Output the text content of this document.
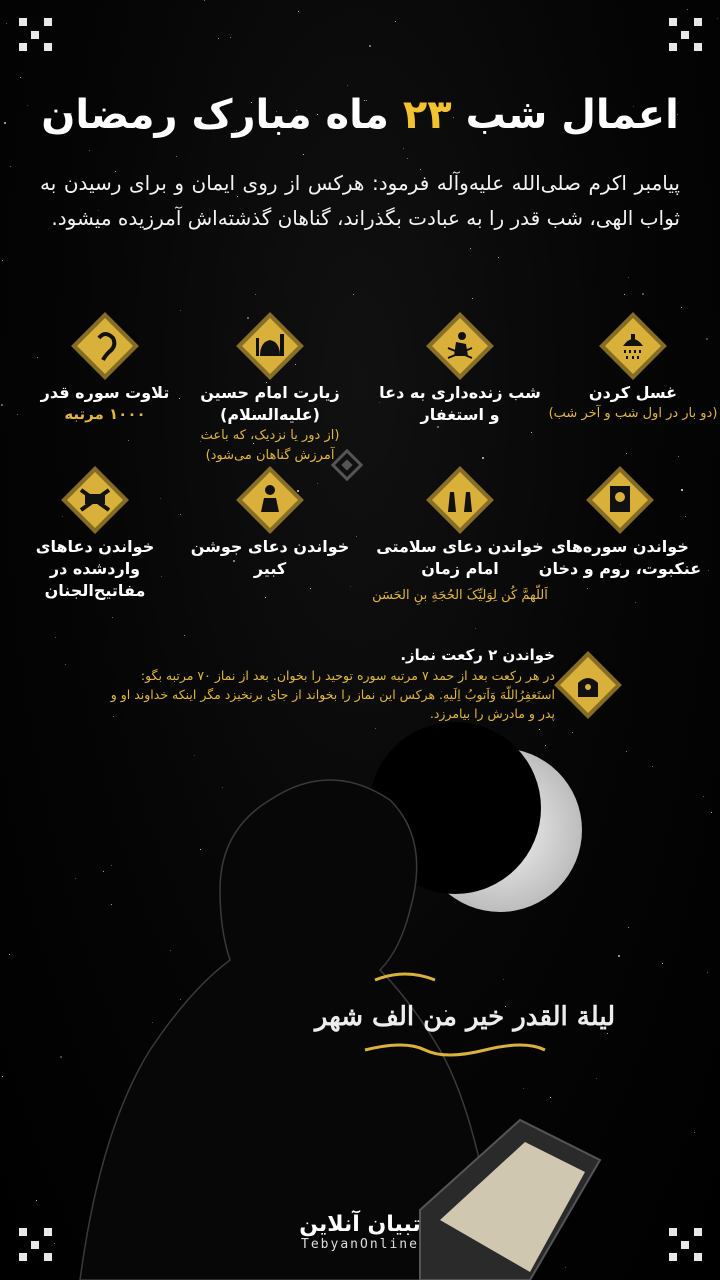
اعمال شب ۲۳ ماه مبارک رمضان
پیامبر اکرم صلی‌الله علیه‌وآله فرمود: هرکس از روی ایمان و برای رسیدن به ثواب الهی، شب قدر را به عبادت بگذراند، گناهان گذشته‌اش آمرزیده میشود.
غسل کردن
(دو بار در اول شب و آخر شب)
شب زنده‌داری به دعا و استغفار
زیارت امام حسین (علیه‌السلام)
(از دور یا نزدیک، که باعث آمرزش گناهان می‌شود)
تلاوت سوره قدر
۱۰۰۰ مرتبه
خواندن سوره‌های عنکبوت، روم و دخان
خواندن دعای سلامتی امام زمان
اَللّهمَّ کُن لِوَلیِّکَ الحُجَةِ بنِ الحَسَن
خواندن دعای جوشن کبیر
خواندن دعاهای واردشده در مفاتیح‌الجنان
خواندن ۲ رکعت نماز.
در هر رکعت بعد از حمد ۷ مرتبه سوره توحید را بخوان. بعد از نماز ۷۰ مرتبه بگو: استَغفِرُاللّهَ وَاَتوبُ اِلَیهِ. هرکس این نماز را بخواند از جای برنخیزد مگر اینکه خداوند او و پدر و مادرش را بیامرزد.
لیلة القدر خیر من الف شهر
تبیان آنلاین
TebyanOnline
